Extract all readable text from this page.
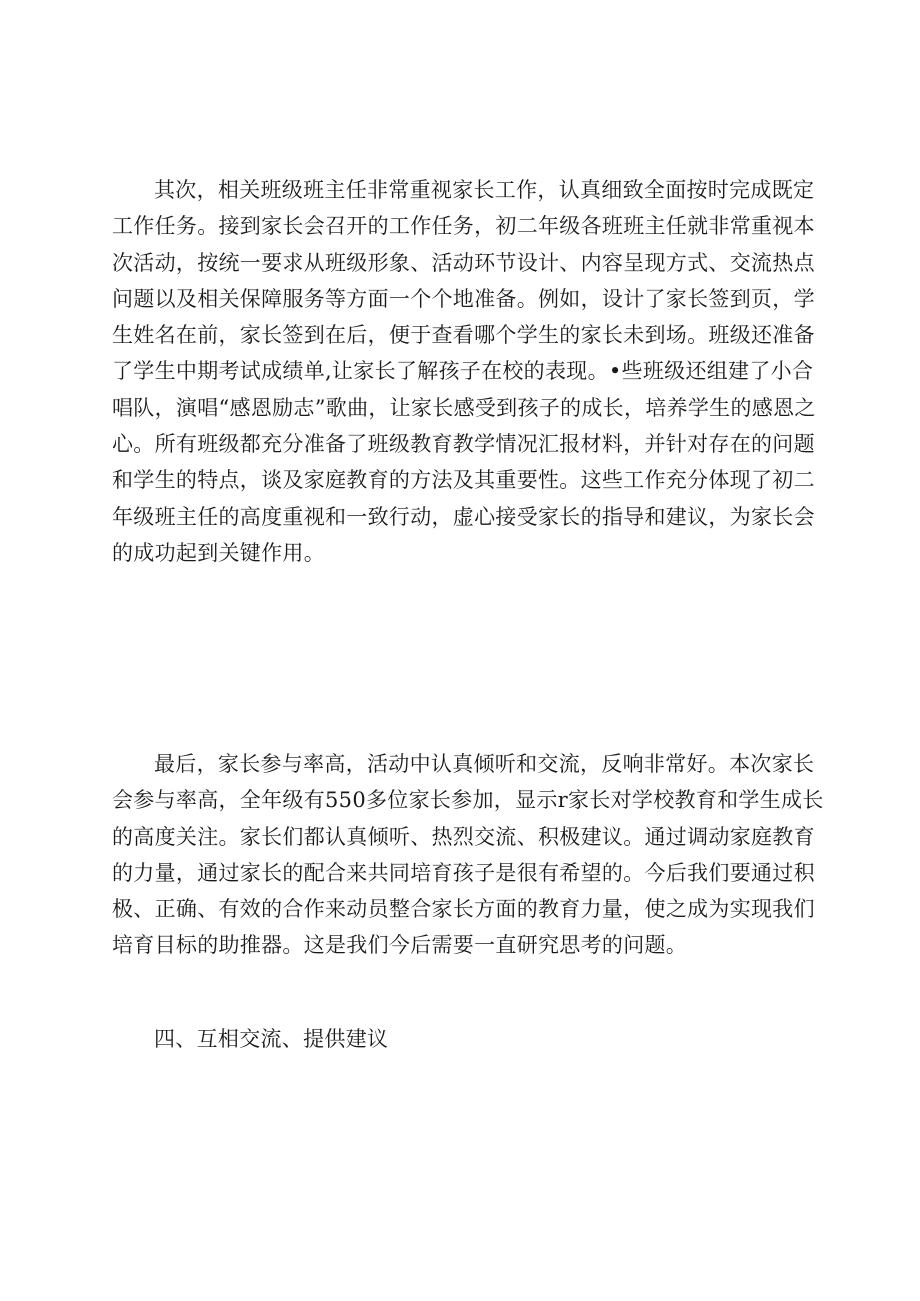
其次，相关班级班主任非常重视家长工作，认真细致全面按时完成既定工作任务。接到家长会召开的工作任务，初二年级各班班主任就非常重视本次活动，按统一要求从班级形象、活动环节设计、内容呈现方式、交流热点问题以及相关保障服务等方面一个个地准备。例如，设计了家长签到页，学生姓名在前，家长签到在后，便于查看哪个学生的家长未到场。班级还准备了学生中期考试成绩单,让家长了解孩子在校的表现。•些班级还组建了小合唱队，演唱“感恩励志”歌曲，让家长感受到孩子的成长，培养学生的感恩之心。所有班级都充分准备了班级教育教学情况汇报材料，并针对存在的问题和学生的特点，谈及家庭教育的方法及其重要性。这些工作充分体现了初二年级班主任的高度重视和一致行动，虚心接受家长的指导和建议，为家长会的成功起到关键作用。

最后，家长参与率高，活动中认真倾听和交流，反响非常好。本次家长会参与率高，全年级有550多位家长参加，显示r家长对学校教育和学生成长的高度关注。家长们都认真倾听、热烈交流、积极建议。通过调动家庭教育的力量，通过家长的配合来共同培育孩子是很有希望的。今后我们要通过积极、正确、有效的合作来动员整合家长方面的教育力量，使之成为实现我们培育目标的助推器。这是我们今后需要一直研究思考的问题。

四、互相交流、提供建议
